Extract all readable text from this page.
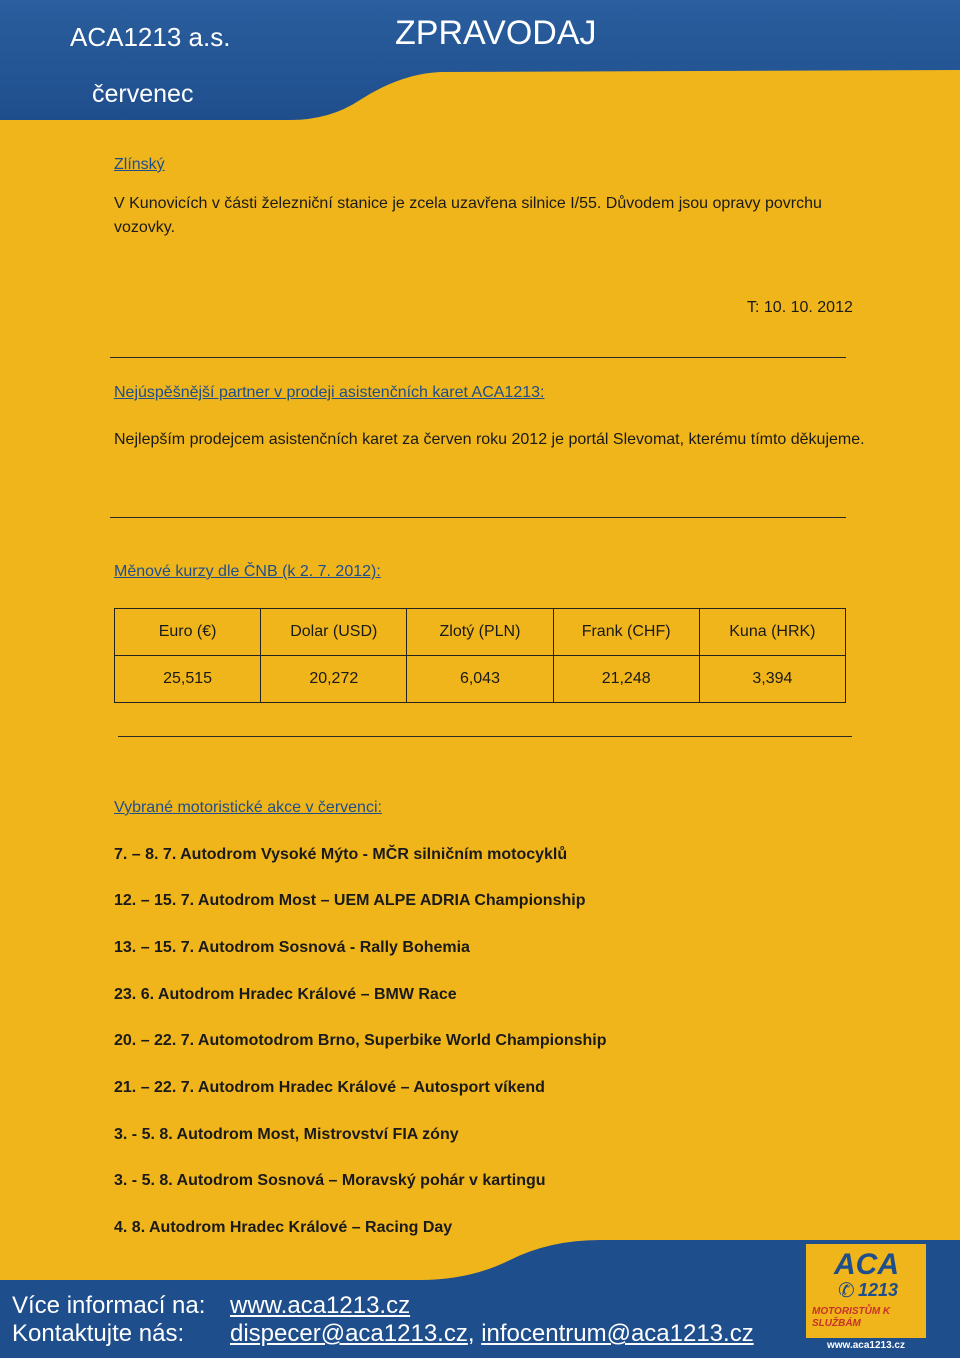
ACA1213 a.s.	ZPRAVODAJ
červenec
Zlínský
V Kunovicích v části železniční stanice je zcela uzavřena silnice I/55. Důvodem jsou opravy povrchu
vozovky.
T: 10. 10. 2012
Nejúspěšnější partner v prodeji asistenčních karet ACA1213:
Nejlepším prodejcem asistenčních karet za červen roku 2012 je portál Slevomat, kterému tímto děkujeme.
Měnové kurzy dle ČNB (k 2. 7. 2012):
Euro (€)	Dolar (USD)	Zlotý (PLN)	Frank (CHF)	Kuna (HRK)
25,515	20,272	6,043	21,248	3,394
Vybrané motoristické akce v červenci:
7. – 8. 7. Autodrom Vysoké Mýto - MČR silničním motocyklů
12. – 15. 7. Autodrom Most – UEM ALPE ADRIA Championship
13. – 15. 7. Autodrom Sosnová - Rally Bohemia
23. 6. Autodrom Hradec Králové – BMW Race
20. – 22. 7. Automotodrom Brno, Superbike World Championship
21. – 22. 7. Autodrom Hradec Králové – Autosport víkend
3. - 5. 8. Autodrom Most, Mistrovství FIA zóny
3. - 5. 8. Autodrom Sosnová – Moravský pohár v kartingu
4. 8. Autodrom Hradec Králové – Racing Day
Více informací na: www.aca1213.cz
Kontaktujte nás: dispecer@aca1213.cz, infocentrum@aca1213.cz
ACA
✆ 1213
MOTORISTŮM K SLUŽBÁM
www.aca1213.cz
